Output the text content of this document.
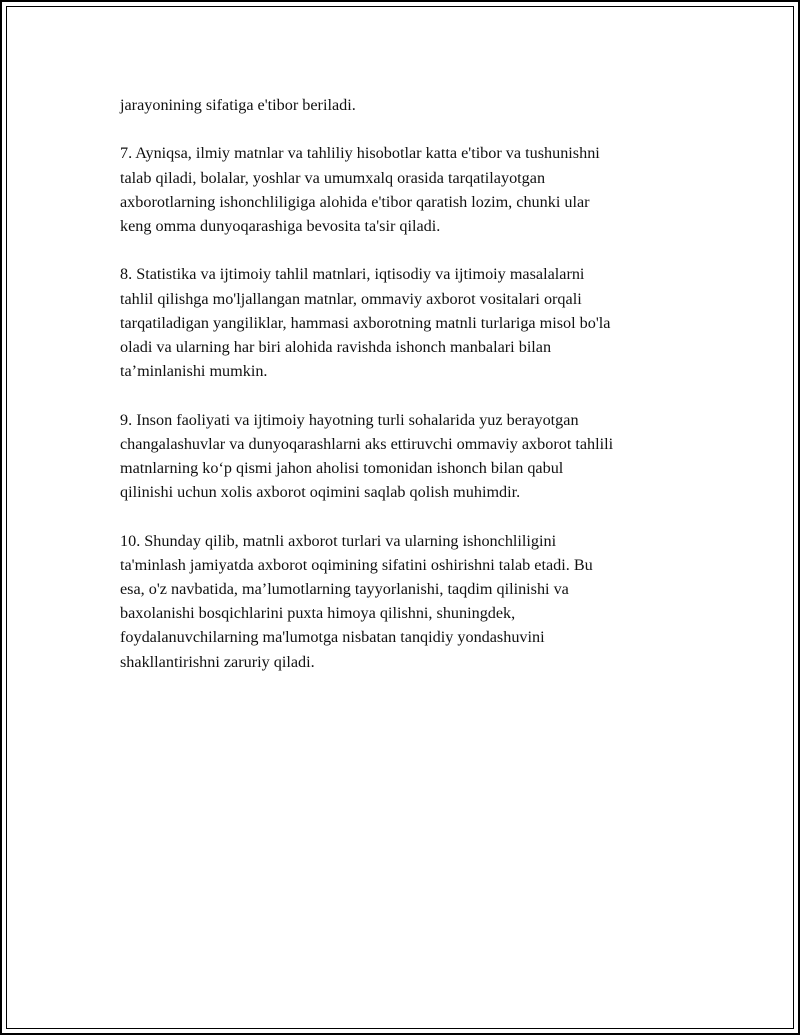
jarayonining sifatiga e'tibor beriladi.

7. Ayniqsa, ilmiy matnlar va tahliliy hisobotlar katta e'tibor va tushunishni
talab qiladi, bolalar, yoshlar va umumxalq orasida tarqatilayotgan
axborotlarning ishonchliligiga alohida e'tibor qaratish lozim, chunki ular
keng omma dunyoqarashiga bevosita ta'sir qiladi.

8. Statistika va ijtimoiy tahlil matnlari, iqtisodiy va ijtimoiy masalalarni
tahlil qilishga mo'ljallangan matnlar, ommaviy axborot vositalari orqali
tarqatiladigan yangiliklar, hammasi axborotning matnli turlariga misol bo'la
oladi va ularning har biri alohida ravishda ishonch manbalari bilan
ta’minlanishi mumkin.

9. Inson faoliyati va ijtimoiy hayotning turli sohalarida yuz berayotgan
changalashuvlar va dunyoqarashlarni aks ettiruvchi ommaviy axborot tahlili
matnlarning ko‘p qismi jahon aholisi tomonidan ishonch bilan qabul
qilinishi uchun xolis axborot oqimini saqlab qolish muhimdir.

10. Shunday qilib, matnli axborot turlari va ularning ishonchliligini
ta'minlash jamiyatda axborot oqimining sifatini oshirishni talab etadi. Bu
esa, o'z navbatida, ma’lumotlarning tayyorlanishi, taqdim qilinishi va
baxolanishi bosqichlarini puxta himoya qilishni, shuningdek,
foydalanuvchilarning ma'lumotga nisbatan tanqidiy yondashuvini
shakllantirishni zaruriy qiladi.
